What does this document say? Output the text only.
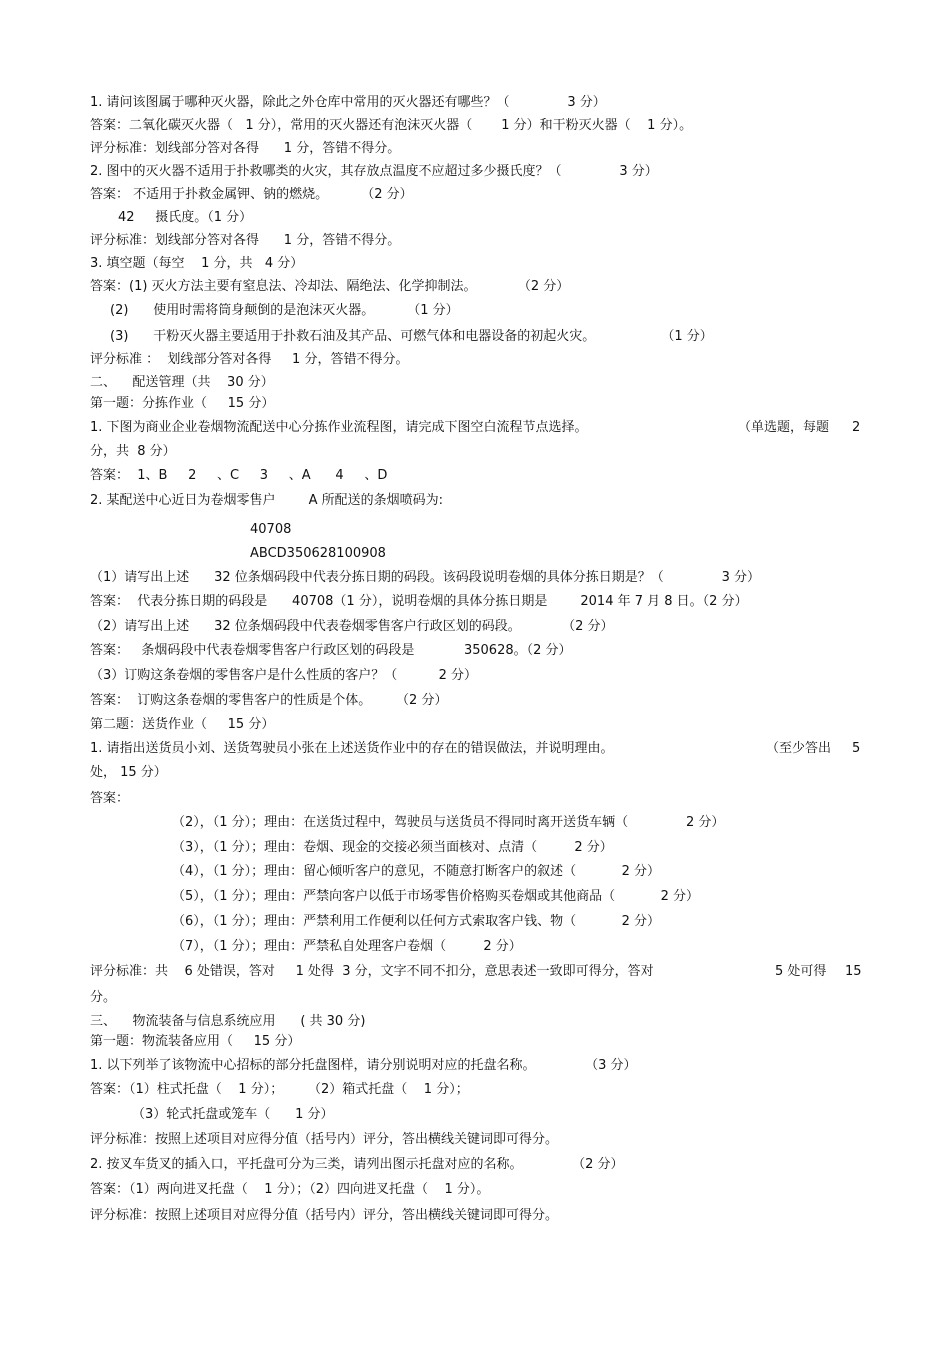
1. 请问该图属于哪种灭火器，除此之外仓库中常用的灭火器还有哪些？（              3 分）
答案：二氧化碳灭火器（   1 分），常用的灭火器还有泡沫灭火器（       1 分）和干粉灭火器（    1 分）。
评分标准：划线部分答对各得      1 分，答错不得分。
2. 图中的灭火器不适用于扑救哪类的火灾，其存放点温度不应超过多少摄氏度？（              3 分）
答案： 不适用于扑救金属钾、钠的燃烧。        （2 分）
42     摄氏度。（1 分）
评分标准：划线部分答对各得      1 分，答错不得分。
3. 填空题（每空    1 分，共   4 分）
答案：(1) 灭火方法主要有窒息法、冷却法、隔绝法、化学抑制法。          （2 分）
(2)      使用时需将筒身颠倒的是泡沫灭火器。        （1 分）
(3)      干粉灭火器主要适用于扑救石油及其产品、可燃气体和电器设备的初起火灾。                （1 分）
评分标准 ：  划线部分答对各得     1 分，答错不得分。
二、    配送管理（共    30 分）
第一题：分拣作业（     15 分）
1. 下图为商业企业卷烟物流配送中心分拣作业流程图，请完成下图空白流程节点选择。	（单选题，每题 2
分，共  8 分）
答案：  1、B     2     、C     3     、A      4     、D
2. 某配送中心近日为卷烟零售户        A 所配送的条烟喷码为:
40708
ABCD350628100908
（1）请写出上述      32 位条烟码段中代表分拣日期的码段。该码段说明卷烟的具体分拣日期是？（              3 分）
答案：  代表分拣日期的码段是      40708（1 分），说明卷烟的具体分拣日期是        2014 年 7 月 8 日。（2 分）
（2）请写出上述      32 位条烟码段中代表卷烟零售客户行政区划的码段。          （2 分）
答案：   条烟码段中代表卷烟零售客户行政区划的码段是            350628。（2 分）
（3）订购这条卷烟的零售客户是什么性质的客户？（          2 分）
答案：  订购这条卷烟的零售客户的性质是个体。      （2 分）
第二题：送货作业（     15 分）
1. 请指出送货员小刘、送货驾驶员小张在上述送货作业中的存在的错误做法，并说明理由。	（至少答出 5
处， 15 分）
答案：
（2），（1 分）；理由：在送货过程中，驾驶员与送货员不得同时离开送货车辆（              2 分）
（3），（1 分）；理由：卷烟、现金的交接必须当面核对、点清（         2 分）
（4），（1 分）；理由：留心倾听客户的意见，不随意打断客户的叙述（           2 分）
（5），（1 分）；理由：严禁向客户以低于市场零售价格购买卷烟或其他商品（           2 分）
（6），（1 分）；理由：严禁利用工作便利以任何方式索取客户钱、物（           2 分）
（7），（1 分）；理由：严禁私自处理客户卷烟（         2 分）
评分标准：共    6 处错误，答对     1 处得  3 分，文字不同不扣分，意思表述一致即可得分，答对	5 处可得 15
分。
三、    物流装备与信息系统应用      ( 共 30 分)
第一题：物流装备应用（     15 分）
1. 以下列举了该物流中心招标的部分托盘图样，请分别说明对应的托盘名称。            （3 分）
答案：（1）柱式托盘（    1 分）；      （2）箱式托盘（    1 分）；
（3）轮式托盘或笼车（      1 分）
评分标准：按照上述项目对应得分值（括号内）评分，答出横线关键词即可得分。
2. 按叉车货叉的插入口，平托盘可分为三类，请列出图示托盘对应的名称。            （2 分）
答案：（1）两向进叉托盘（    1 分）；（2）四向进叉托盘（    1 分）。
评分标准：按照上述项目对应得分值（括号内）评分，答出横线关键词即可得分。
